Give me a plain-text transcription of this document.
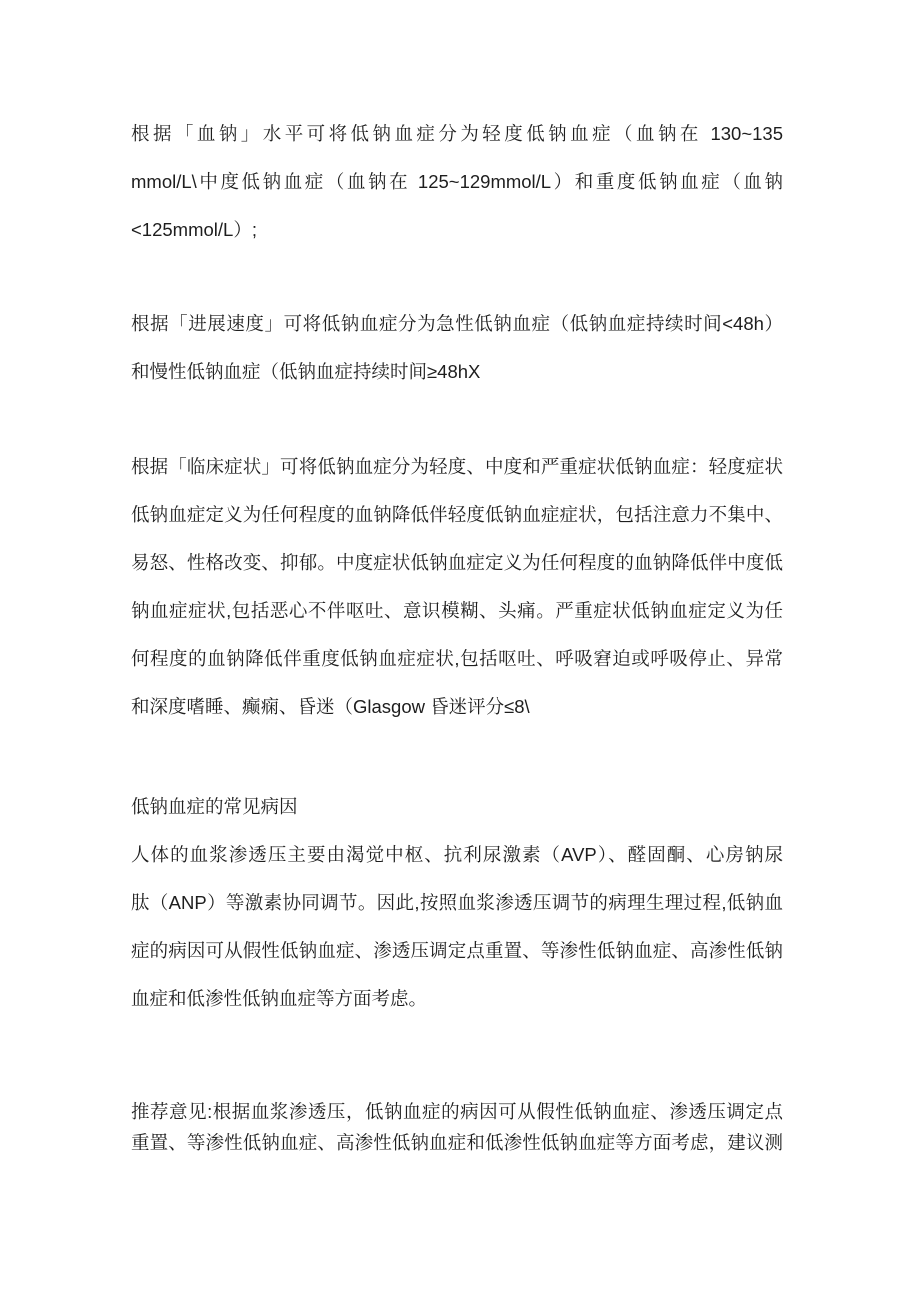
根据「血钠」水平可将低钠血症分为轻度低钠血症（血钠在 130~135
mmol/L\中度低钠血症（血钠在 125~129mmol/L）和重度低钠血症（血钠
<125mmol/L）;
根据「进展速度」可将低钠血症分为急性低钠血症（低钠血症持续时间<48h）
和慢性低钠血症（低钠血症持续时间≥48hX
根据「临床症状」可将低钠血症分为轻度、中度和严重症状低钠血症：轻度症状
低钠血症定义为任何程度的血钠降低伴轻度低钠血症症状，包括注意力不集中、
易怒、性格改变、抑郁。中度症状低钠血症定义为任何程度的血钠降低伴中度低
钠血症症状,包括恶心不伴呕吐、意识模糊、头痛。严重症状低钠血症定义为任
何程度的血钠降低伴重度低钠血症症状,包括呕吐、呼吸窘迫或呼吸停止、异常
和深度嗜睡、癫痫、昏迷（Glasgow 昏迷评分≤8\
低钠血症的常见病因
人体的血浆渗透压主要由渴觉中枢、抗利尿激素（AVP）、醛固酮、心房钠尿
肽（ANP）等激素协同调节。因此,按照血浆渗透压调节的病理生理过程,低钠血
症的病因可从假性低钠血症、渗透压调定点重置、等渗性低钠血症、高渗性低钠
血症和低渗性低钠血症等方面考虑。
推荐意见:根据血浆渗透压，低钠血症的病因可从假性低钠血症、渗透压调定点
重置、等渗性低钠血症、高渗性低钠血症和低渗性低钠血症等方面考虑，建议测
